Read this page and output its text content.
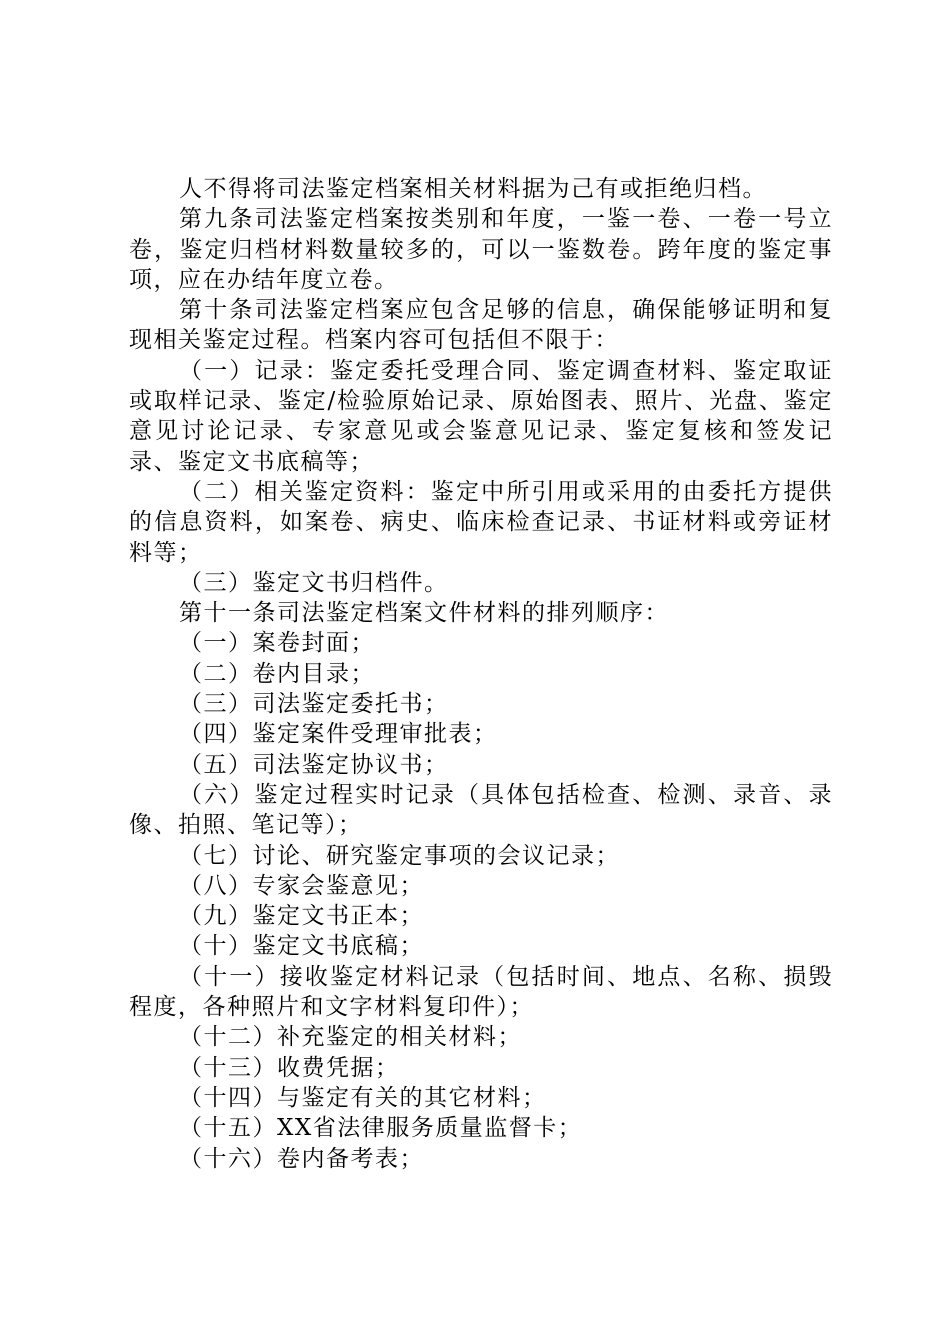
人不得将司法鉴定档案相关材料据为己有或拒绝归档。

第九条司法鉴定档案按类别和年度，一鉴一卷、一卷一号立卷，鉴定归档材料数量较多的，可以一鉴数卷。跨年度的鉴定事项，应在办结年度立卷。

第十条司法鉴定档案应包含足够的信息，确保能够证明和复现相关鉴定过程。档案内容可包括但不限于：

（一）记录：鉴定委托受理合同、鉴定调查材料、鉴定取证或取样记录、鉴定/检验原始记录、原始图表、照片、光盘、鉴定意见讨论记录、专家意见或会鉴意见记录、鉴定复核和签发记录、鉴定文书底稿等；

（二）相关鉴定资料：鉴定中所引用或采用的由委托方提供的信息资料，如案卷、病史、临床检查记录、书证材料或旁证材料等；

（三）鉴定文书归档件。

第十一条司法鉴定档案文件材料的排列顺序：

（一）案卷封面；

（二）卷内目录；

（三）司法鉴定委托书；

（四）鉴定案件受理审批表；

（五）司法鉴定协议书；

（六）鉴定过程实时记录（具体包括检查、检测、录音、录像、拍照、笔记等）；

（七）讨论、研究鉴定事项的会议记录；

（八）专家会鉴意见；

（九）鉴定文书正本；

（十）鉴定文书底稿；

（十一）接收鉴定材料记录（包括时间、地点、名称、损毁程度，各种照片和文字材料复印件）；

（十二）补充鉴定的相关材料；

（十三）收费凭据；

（十四）与鉴定有关的其它材料；

（十五）XX省法律服务质量监督卡；

（十六）卷内备考表；
